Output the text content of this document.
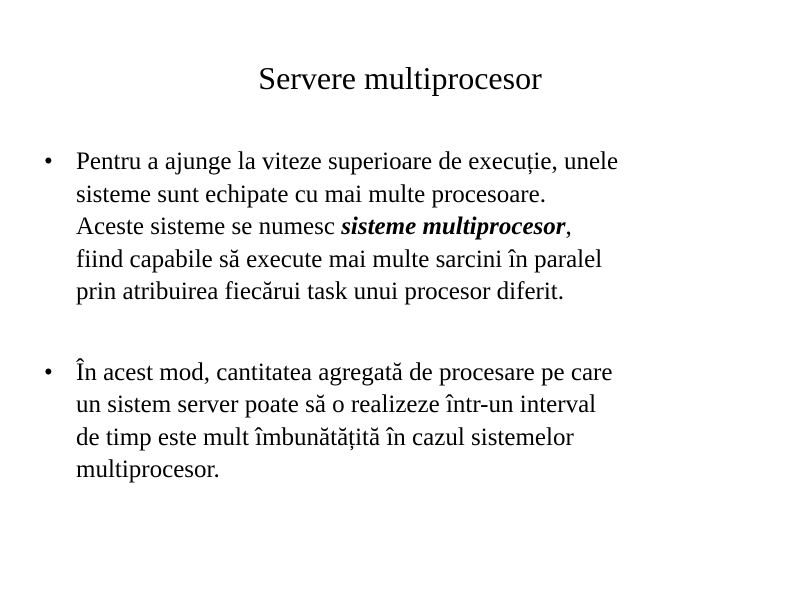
Servere multiprocesor
• Pentru a ajunge la viteze superioare de execuție, unele
sisteme sunt echipate cu mai multe procesoare.
Aceste sisteme se numesc sisteme multiprocesor,
fiind capabile să execute mai multe sarcini în paralel
prin atribuirea fiecărui task unui procesor diferit.
• În acest mod, cantitatea agregată de procesare pe care
un sistem server poate să o realizeze într-un interval
de timp este mult îmbunătățită în cazul sistemelor
multiprocesor.
